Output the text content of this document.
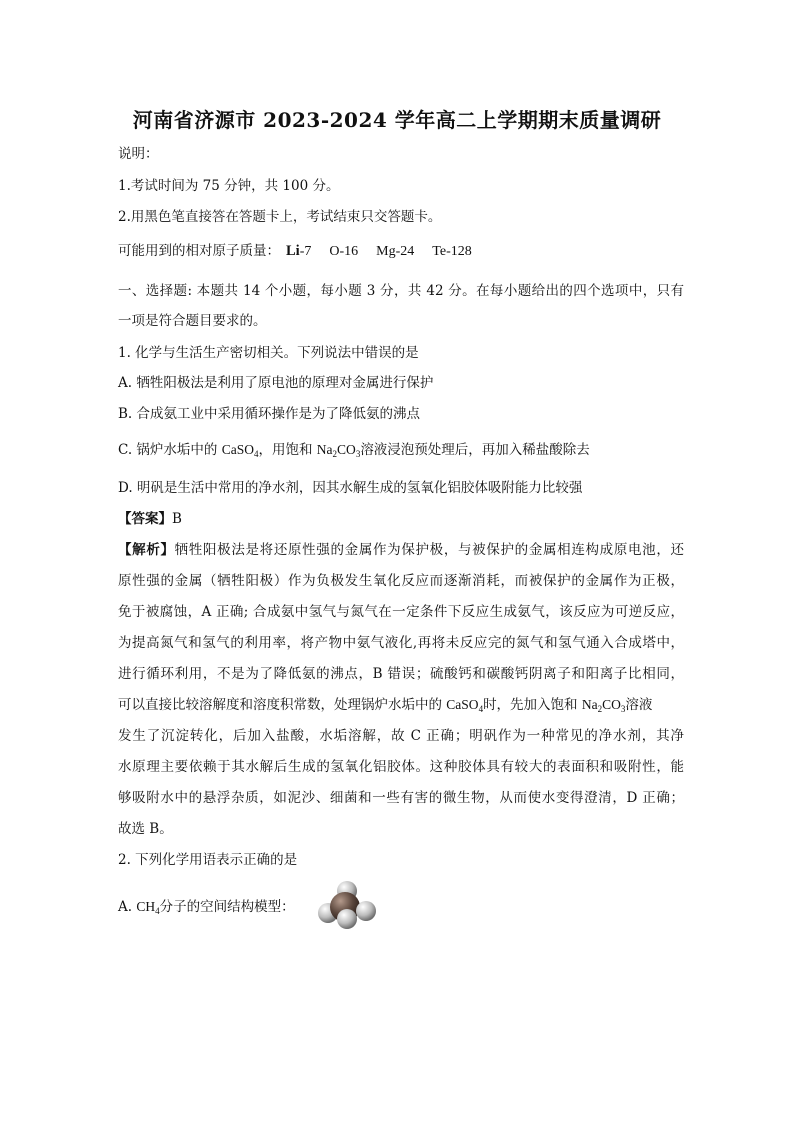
河南省济源市 2023-2024 学年高二上学期期末质量调研
说明：
1.考试时间为 75 分钟，共 100 分。
2.用黑色笔直接答在答题卡上，考试结束只交答题卡。
可能用到的相对原子质量： Li-7 O-16 Mg-24 Te-128
一、选择题: 本题共 14 个小题，每小题 3 分，共 42 分。在每小题给出的四个选项中，只有
一项是符合题目要求的。
1. 化学与生活生产密切相关。下列说法中错误的是
A. 牺牲阳极法是利用了原电池的原理对金属进行保护
B. 合成氨工业中采用循环操作是为了降低氨的沸点
C. 锅炉水垢中的 CaSO$_4$，用饱和 $Na_2CO_3$溶液浸泡预处理后，再加入稀盐酸除去
D. 明矾是生活中常用的净水剂，因其水解生成的氢氧化铝胶体吸附能力比较强
【答案】B
【解析】牺牲阳极法是将还原性强的金属作为保护极，与被保护的金属相连构成原电池，还
原性强的金属（牺牲阳极）作为负极发生氧化反应而逐渐消耗，而被保护的金属作为正极，
免于被腐蚀，A 正确; 合成氨中氢气与氮气在一定条件下反应生成氨气，该反应为可逆反应，
为提高氮气和氢气的利用率，将产物中氨气液化,再将未反应完的氮气和氢气通入合成塔中，
进行循环利用，不是为了降低氨的沸点，B 错误；硫酸钙和碳酸钙阴离子和阳离子比相同，
可以直接比较溶解度和溶度积常数，处理锅炉水垢中的 CaSO$_4$时，先加入饱和 $Na_2CO_3$溶液
发生了沉淀转化，后加入盐酸，水垢溶解，故 C 正确；明矾作为一种常见的净水剂，其净
水原理主要依赖于其水解后生成的氢氧化铝胶体。这种胶体具有较大的表面积和吸附性，能
够吸附水中的悬浮杂质，如泥沙、细菌和一些有害的微生物，从而使水变得澄清，D 正确；
故选 B。
2. 下列化学用语表示正确的是
A. $CH_4$分子的空间结构模型：
